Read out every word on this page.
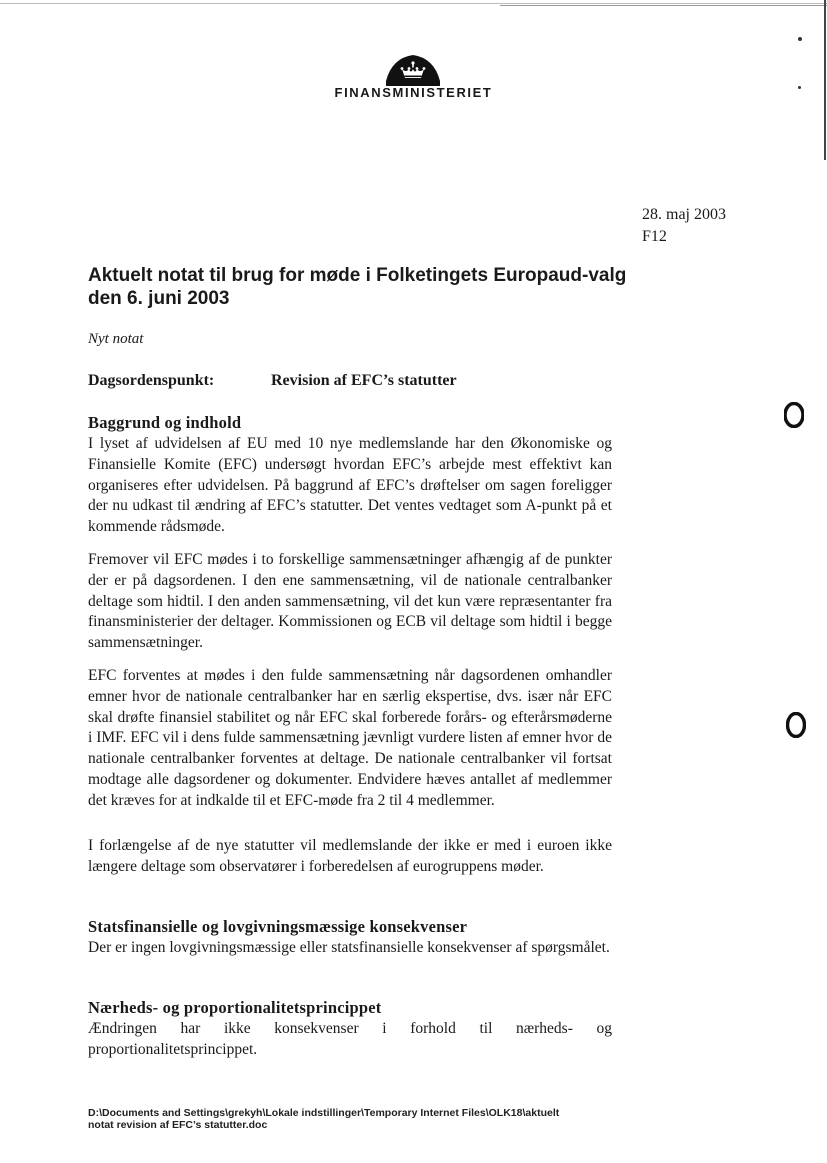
FINANSMINISTERIET
28. maj 2003
F12
Aktuelt notat til brug for møde i Folketingets Europaud-valg den 6. juni 2003
Nyt notat
Dagsordenspunkt:	Revision af EFC’s statutter
Baggrund og indhold
I lyset af udvidelsen af EU med 10 nye medlemslande har den Økonomiske og Finansielle Komite (EFC) undersøgt hvordan EFC’s arbejde mest effektivt kan organiseres efter udvidelsen. På baggrund af EFC’s drøftelser om sagen foreligger der nu udkast til ændring af EFC’s statutter. Det ventes vedtaget som A-punkt på et kommende rådsmøde.
Fremover vil EFC mødes i to forskellige sammensætninger afhængig af de punkter der er på dagsordenen. I den ene sammensætning, vil de nationale centralbanker deltage som hidtil. I den anden sammensætning, vil det kun være repræsentanter fra finansministerier der deltager. Kommissionen og ECB vil deltage som hidtil i begge sammensætninger.
EFC forventes at mødes i den fulde sammensætning når dagsordenen omhandler emner hvor de nationale centralbanker har en særlig ekspertise, dvs. især når EFC skal drøfte finansiel stabilitet og når EFC skal forberede forårs- og efterårsmøderne i IMF. EFC vil i dens fulde sammensætning jævnligt vurdere listen af emner hvor de nationale centralbanker forventes at deltage. De nationale centralbanker vil fortsat modtage alle dagsordener og dokumenter. Endvidere hæves antallet af medlemmer det kræves for at indkalde til et EFC-møde fra 2 til 4 medlemmer.
I forlængelse af de nye statutter vil medlemslande der ikke er med i euroen ikke længere deltage som observatører i forberedelsen af eurogruppens møder.
Statsfinansielle og lovgivningsmæssige konsekvenser
Der er ingen lovgivningsmæssige eller statsfinansielle konsekvenser af spørgsmålet.
Nærheds- og proportionalitetsprincippet
Ændringen har ikke konsekvenser i forhold til nærheds- og proportionalitetsprincippet.
D:\Documents and Settings\grekyh\Lokale indstillinger\Temporary Internet Files\OLK18\aktuelt
notat revision af EFC’s statutter.doc
